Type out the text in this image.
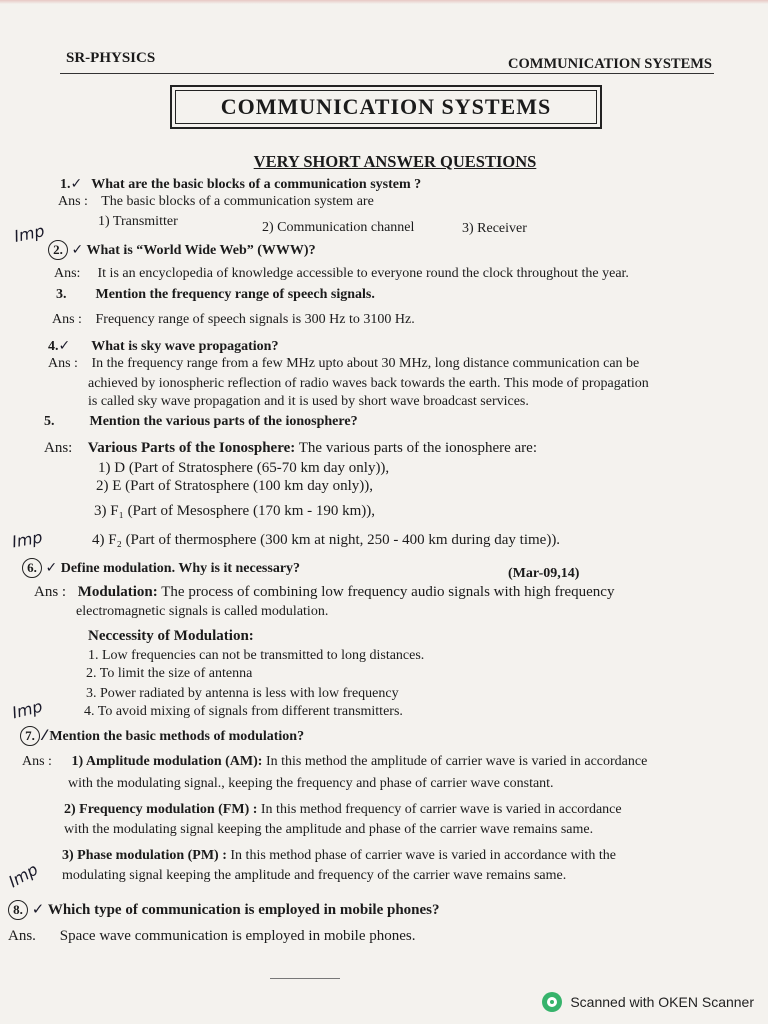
SR-PHYSICS	COMMUNICATION SYSTEMS
COMMUNICATION SYSTEMS
VERY SHORT ANSWER QUESTIONS
1.✓ What are the basic blocks of a communication system ?
Ans : The basic blocks of a communication system are
1) Transmitter	2) Communication channel	3) Receiver
Imp
2. ✓ What is “World Wide Web” (WWW)?
Ans: It is an encyclopedia of knowledge accessible to everyone round the clock throughout the year.
3. Mention the frequency range of speech signals.
Ans : Frequency range of speech signals is 300 Hz to 3100 Hz.
4.✓ What is sky wave propagation?
Ans : In the frequency range from a few MHz upto about 30 MHz, long distance communication can be
achieved by ionospheric reflection of radio waves back towards the earth. This mode of propagation
is called sky wave propagation and it is used by short wave broadcast services.
5.	Mention the various parts of the ionosphere?
Ans: Various Parts of the Ionosphere: The various parts of the ionosphere are:
1) D (Part of Stratosphere (65-70 km day only)),
2) E (Part of Stratosphere (100 km day only)),
3) F₁ (Part of Mesosphere (170 km - 190 km)),
Imp	4) F₂ (Part of thermosphere (300 km at night, 250 - 400 km during day time)).
6. ✓ Define modulation. Why is it necessary?	(Mar-09,14)
Ans : Modulation: The process of combining low frequency audio signals with high frequency
electromagnetic signals is called modulation.
Neccessity of Modulation:
1. Low frequencies can not be transmitted to long distances.
2. To limit the size of antenna
3. Power radiated by antenna is less with low frequency
Imp	4. To avoid mixing of signals from different transmitters.
7. ⁄ Mention the basic methods of modulation?
Ans : 1) Amplitude modulation (AM): In this method the amplitude of carrier wave is varied in accordance
with the modulating signal., keeping the frequency and phase of carrier wave constant.
2) Frequency modulation (FM) : In this method frequency of carrier wave is varied in accordance
with the modulating signal keeping the amplitude and phase of the carrier wave remains same.
Imp
3) Phase modulation (PM) : In this method phase of carrier wave is varied in accordance with the
modulating signal keeping the amplitude and frequency of the carrier wave remains same.
8. ✓ Which type of communication is employed in mobile phones?
Ans. Space wave communication is employed in mobile phones.
Scanned with OKEN Scanner
